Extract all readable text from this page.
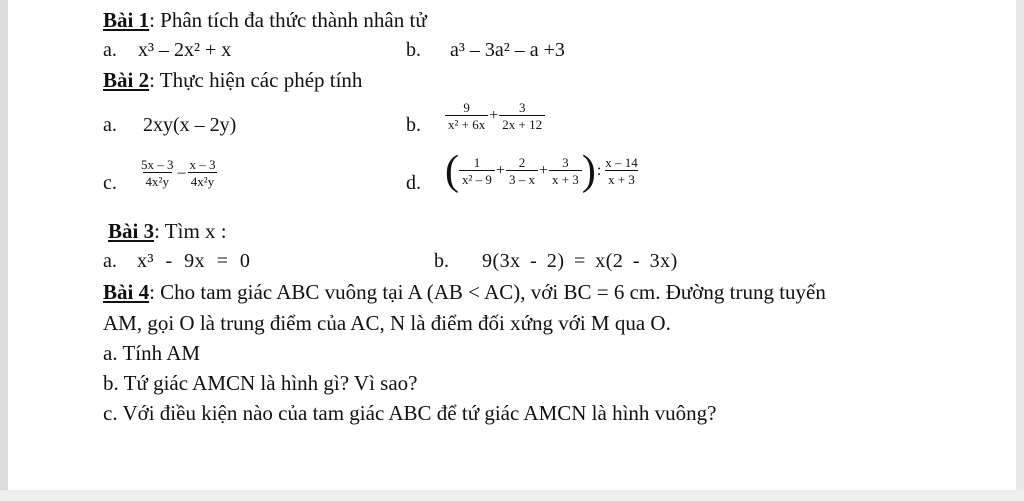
Bài 1: Phân tích đa thức thành nhân tử
a. x³ – 2x² + x	b. a³ – 3a² – a +3
Bài 2: Thực hiện các phép tính
a. 2xy(x – 2y)	b. $\frac{9}{\text{x² + 6x}} + \frac{3}{2x + 12}$
c. $\frac{5x - 3}{\text{4x²y}} - \frac{x - 3}{\text{4x²y}}$	d. ( $\frac{1}{\text{x² – 9}} + \frac{2}{3 - x} + \frac{3}{x + 3}$ ): $\frac{x - 14}{x + 3}$
Bài 3: Tìm x :
a. x³ - 9x = 0	b. 9(3x - 2) = x(2 - 3x)
Bài 4: Cho tam giác ABC vuông tại A (AB < AC), với BC = 6 cm. Đường trung tuyến
AM, gọi O là trung điểm của AC, N là điểm đối xứng với M qua O.
a. Tính AM
b. Tứ giác AMCN là hình gì? Vì sao?
c. Với điều kiện nào của tam giác ABC để tứ giác AMCN là hình vuông?
